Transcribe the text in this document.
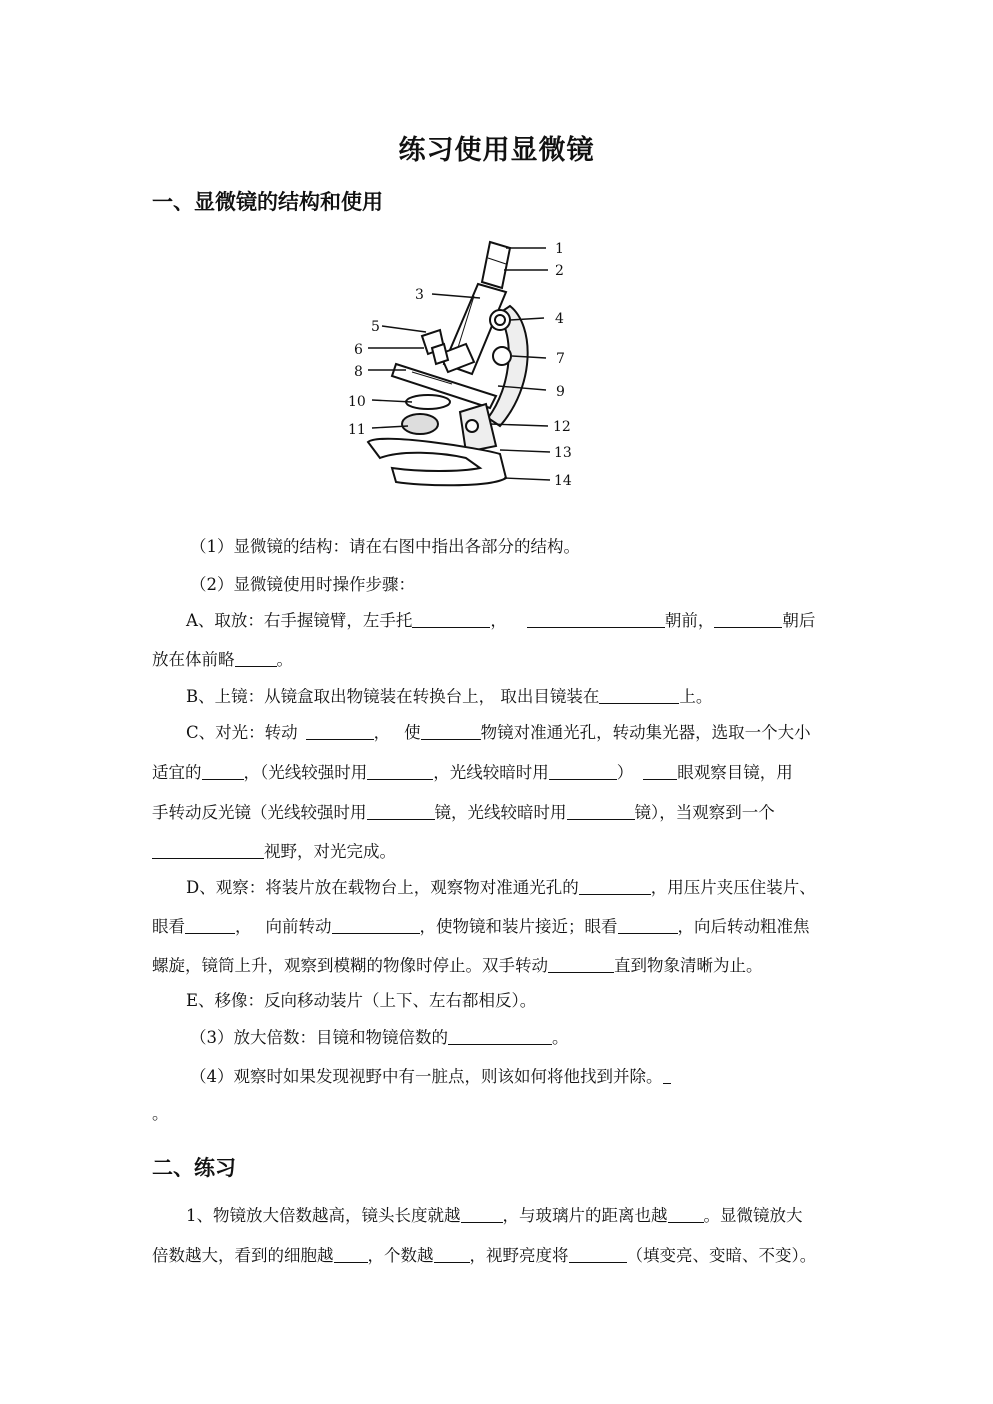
练习使用显微镜
一、显微镜的结构和使用
1
2
3
4
5
6
7
8
9
10
11	12
13
14
（1）显微镜的结构：请在右图中指出各部分的结构。
（2）显微镜使用时操作步骤：
A、取放：右手握镜臂，左手托	，	朝前，	朝后
放在体前略	。
B、上镜：从镜盒取出物镜装在转换台上， 取出目镜装在	上。
C、对光：转动	， 使	物镜对准通光孔，转动集光器，选取一个大小
适宜的	，（光线较强时用	，光线较暗时用	）	眼观察目镜，用
手转动反光镜（光线较强时用	镜，光线较暗时用	镜），当观察到一个
视野，对光完成。
D、观察：将装片放在载物台上，观察物对准通光孔的	，用压片夹压住装片、
眼看	， 向前转动	，使物镜和装片接近；眼看	，向后转动粗准焦
螺旋，镜筒上升，观察到模糊的物像时停止。双手转动	直到物象清晰为止。
E、移像：反向移动装片（上下、左右都相反）。
（3）放大倍数：目镜和物镜倍数的	。
（4）观察时如果发现视野中有一脏点，则该如何将他找到并除。
。
二、练习
1、物镜放大倍数越高，镜头长度就越	，与玻璃片的距离也越 。显微镜放大
倍数越大，看到的细胞越 ，个数越 ，视野亮度将	（填变亮、变暗、不变）。
